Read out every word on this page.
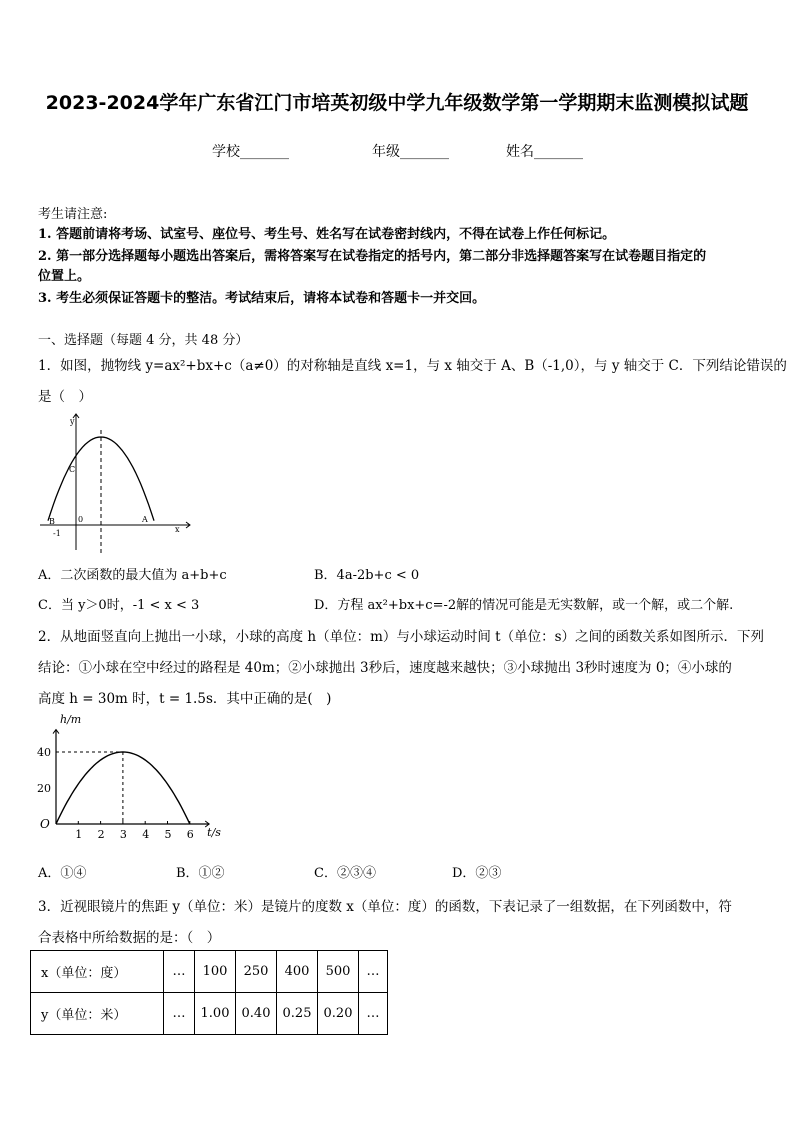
2023-2024学年广东省江门市培英初级中学九年级数学第一学期期末监测模拟试题
学校_______	年级_______	姓名_______
考生请注意:
1. 答题前请将考场、试室号、座位号、考生号、姓名写在试卷密封线内，不得在试卷上作任何标记。
2. 第一部分选择题每小题选出答案后，需将答案写在试卷指定的括号内，第二部分非选择题答案写在试卷题目指定的
位置上。
3. 考生必须保证答题卡的整洁。考试结束后，请将本试卷和答题卡一并交回。
一、选择题（每题 4 分，共 48 分）
1．如图，抛物线 y=ax²+bx+c（a≠0）的对称轴是直线 x=1，与 x 轴交于 A、B（-1,0），与 y 轴交于 C．下列结论错误的
是（　）
y
x
C
B	0	A
-1
A．二次函数的最大值为 a+b+c	B．4a-2b+c < 0
C．当 y＞0时，-1 < x < 3	D．方程 ax²+bx+c=-2解的情况可能是无实数解，或一个解，或二个解.
2．从地面竖直向上抛出一小球，小球的高度 h（单位：m）与小球运动时间 t（单位：s）之间的函数关系如图所示．下列
结论：①小球在空中经过的路程是 40m；②小球抛出 3秒后，速度越来越快；③小球抛出 3秒时速度为 0；④小球的
高度 h = 30m 时，t = 1.5s．其中正确的是(　)
h/m
t/s
O
1 2 3 4 5 6
20
40
A．①④	B．①②	C．②③④	D．②③
3．近视眼镜片的焦距 y（单位：米）是镜片的度数 x（单位：度）的函数，下表记录了一组数据，在下列函数中，符
合表格中所给数据的是：（　）
x（单位：度）	…	100	250	400	500	…
y（单位：米）	…	1.00	0.40	0.25	0.20	…
